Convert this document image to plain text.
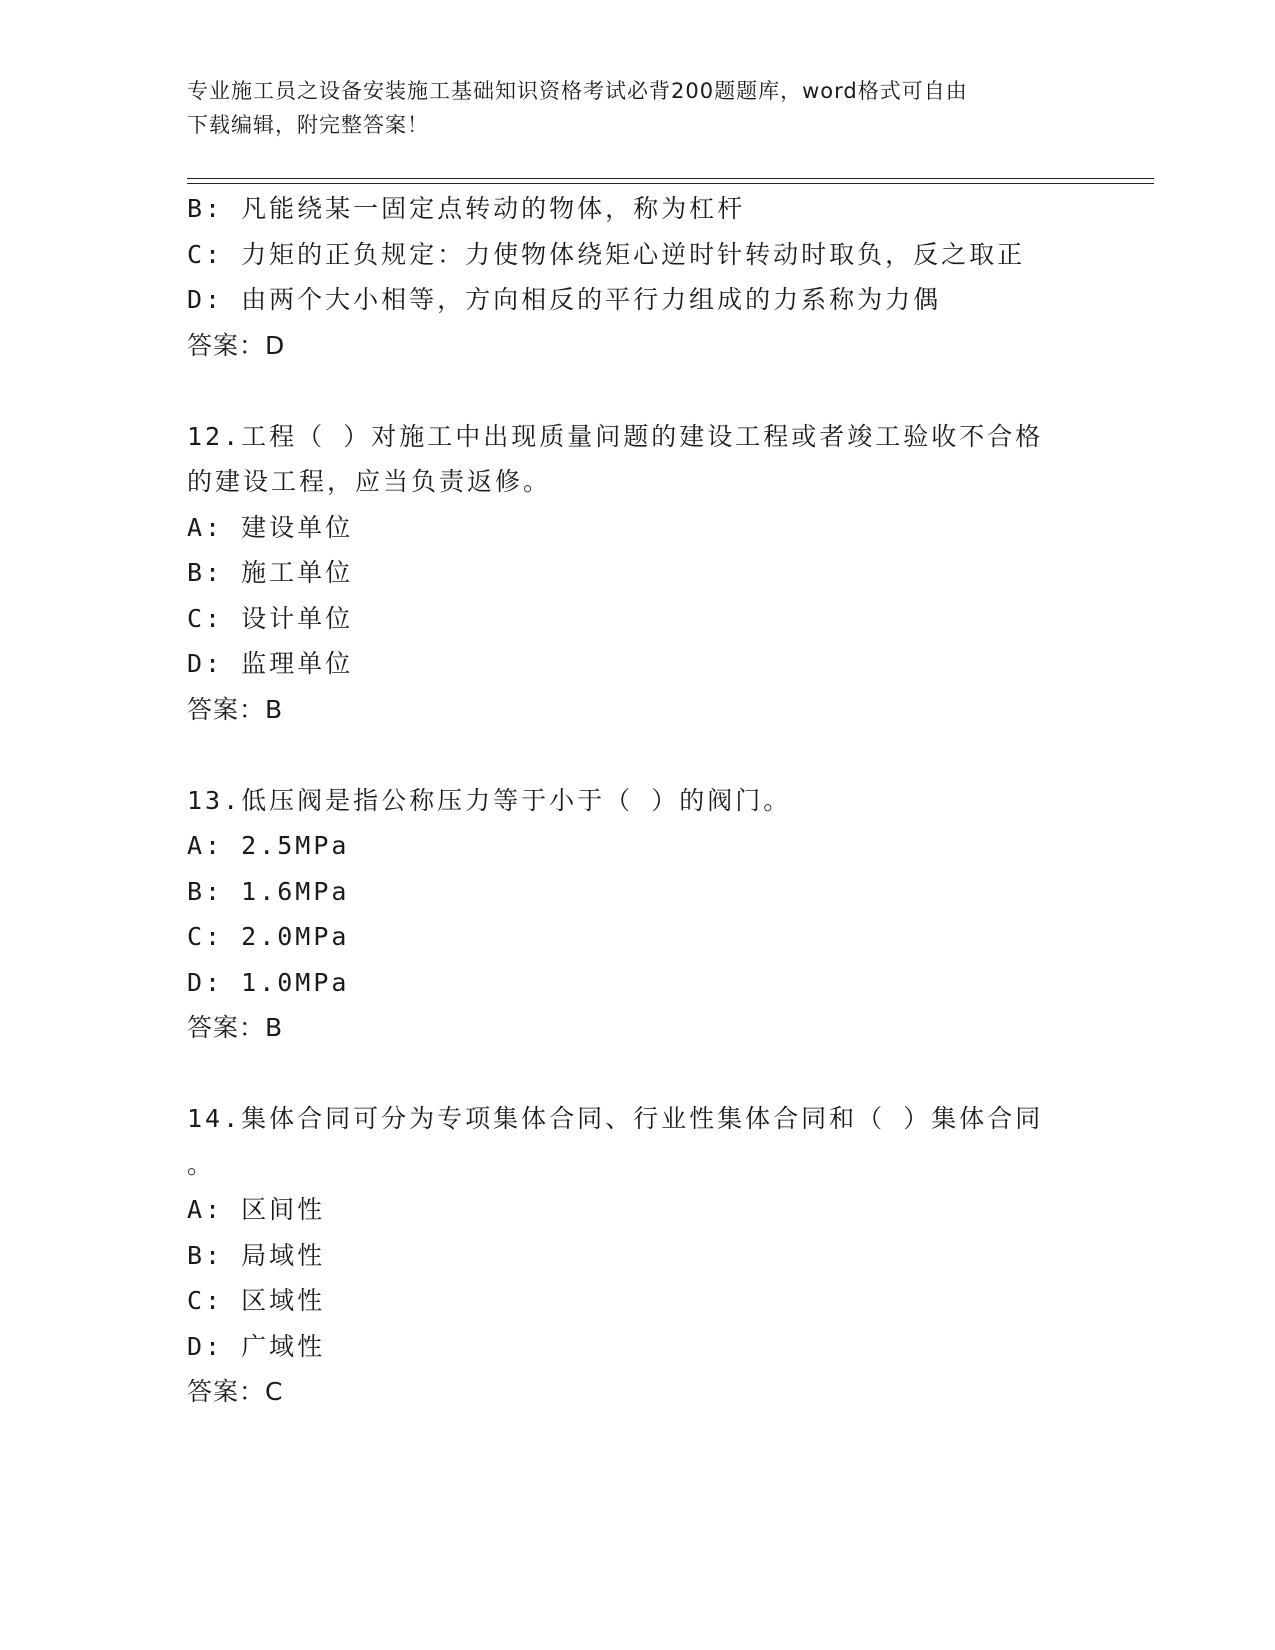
专业施工员之设备安装施工基础知识资格考试必背200题题库，word格式可自由
下载编辑，附完整答案！
B: 凡能绕某一固定点转动的物体，称为杠杆
C: 力矩的正负规定：力使物体绕矩心逆时针转动时取负，反之取正
D: 由两个大小相等，方向相反的平行力组成的力系称为力偶
答案：D
12.工程（ ）对施工中出现质量问题的建设工程或者竣工验收不合格
的建设工程，应当负责返修。
A: 建设单位
B: 施工单位
C: 设计单位
D: 监理单位
答案：B
13.低压阀是指公称压力等于小于（ ）的阀门。
A: 2.5MPa
B: 1.6MPa
C: 2.0MPa
D: 1.0MPa
答案：B
14.集体合同可分为专项集体合同、行业性集体合同和（ ）集体合同
。
A: 区间性
B: 局域性
C: 区域性
D: 广域性
答案：C
